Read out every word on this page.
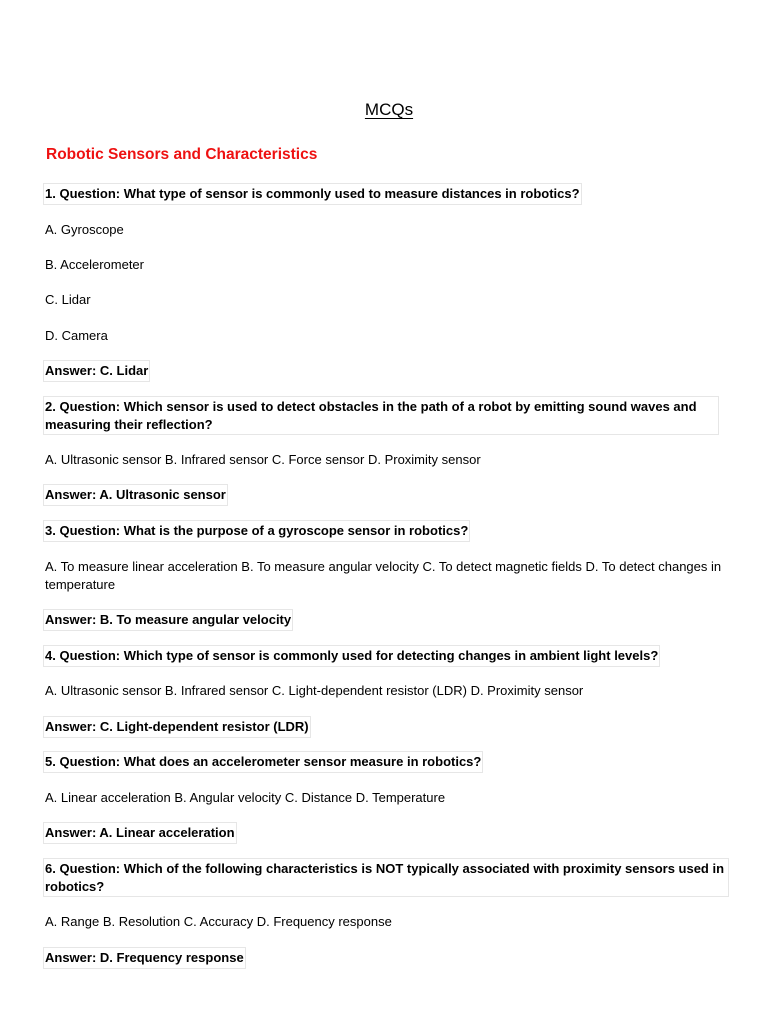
MCQs
Robotic Sensors and Characteristics
1. Question: What type of sensor is commonly used to measure distances in robotics?
A. Gyroscope
B. Accelerometer
C. Lidar
D. Camera
Answer: C. Lidar
2. Question: Which sensor is used to detect obstacles in the path of a robot by emitting sound waves and measuring their reflection?
A. Ultrasonic sensor B. Infrared sensor C. Force sensor D. Proximity sensor
Answer: A. Ultrasonic sensor
3. Question: What is the purpose of a gyroscope sensor in robotics?
A. To measure linear acceleration B. To measure angular velocity C. To detect magnetic fields D. To detect changes in temperature
Answer: B. To measure angular velocity
4. Question: Which type of sensor is commonly used for detecting changes in ambient light levels?
A. Ultrasonic sensor B. Infrared sensor C. Light-dependent resistor (LDR) D. Proximity sensor
Answer: C. Light-dependent resistor (LDR)
5. Question: What does an accelerometer sensor measure in robotics?
A. Linear acceleration B. Angular velocity C. Distance D. Temperature
Answer: A. Linear acceleration
6. Question: Which of the following characteristics is NOT typically associated with proximity sensors used in robotics?
A. Range B. Resolution C. Accuracy D. Frequency response
Answer: D. Frequency response
